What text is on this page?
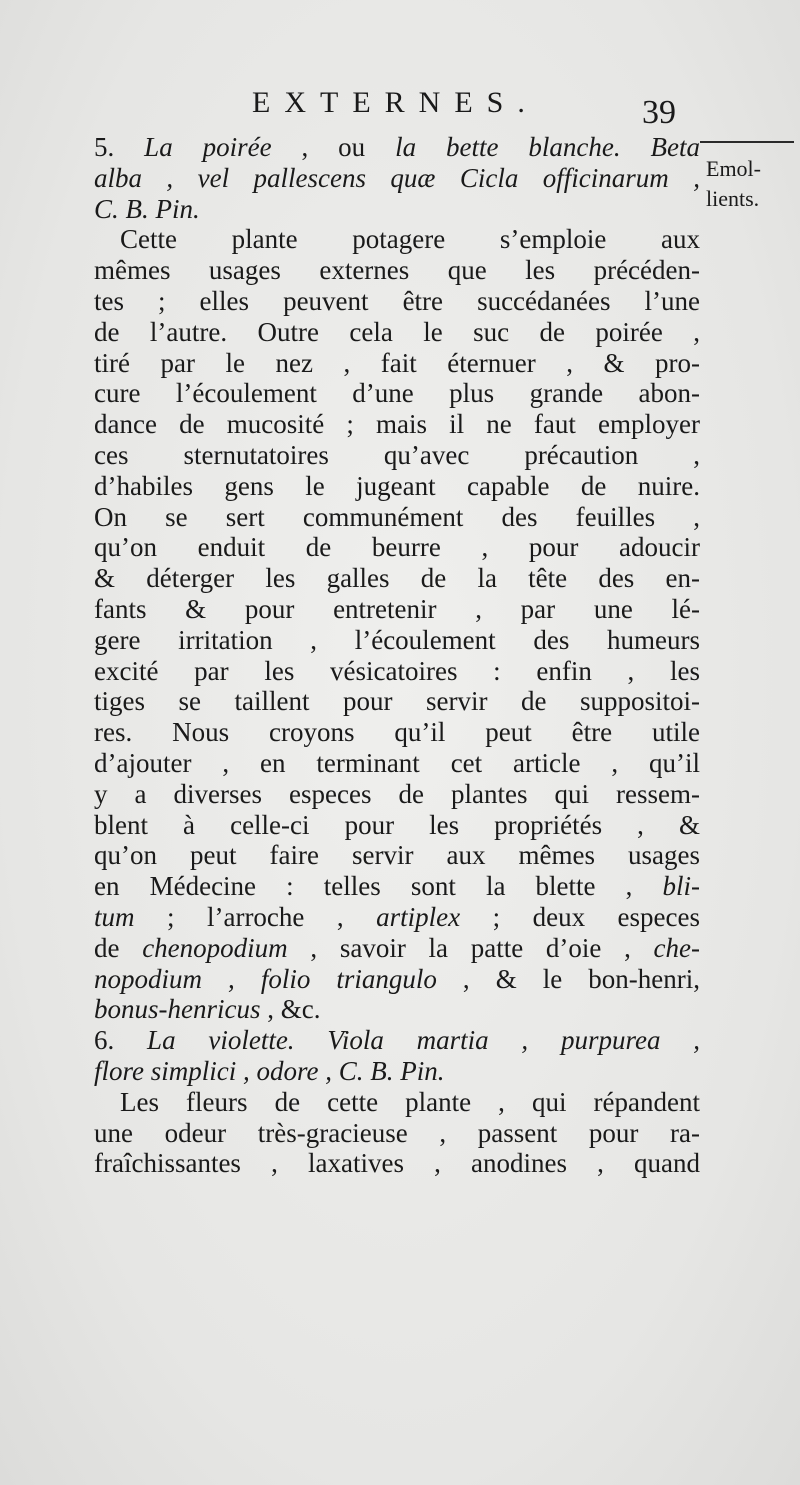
EXTERNES.	39
Emol-
lients.
5. La poirée , ou la bette blanche. Beta
alba , vel pallescens quæ Cicla officinarum ,
C. B. Pin.
Cette plante potagere s’emploie aux
mêmes usages externes que les précéden-
tes ; elles peuvent être succédanées l’une
de l’autre. Outre cela le suc de poirée ,
tiré par le nez , fait éternuer , & pro-
cure l’écoulement d’une plus grande abon-
dance de mucosité ; mais il ne faut employer
ces sternutatoires qu’avec précaution ,
d’habiles gens le jugeant capable de nuire.
On se sert communément des feuilles ,
qu’on enduit de beurre , pour adoucir
& déterger les galles de la tête des en-
fants & pour entretenir , par une lé-
gere irritation , l’écoulement des humeurs
excité par les vésicatoires : enfin , les
tiges se taillent pour servir de suppositoi-
res. Nous croyons qu’il peut être utile
d’ajouter , en terminant cet article , qu’il
y a diverses especes de plantes qui ressem-
blent à celle-ci pour les propriétés , &
qu’on peut faire servir aux mêmes usages
en Médecine : telles sont la blette , bli-
tum ; l’arroche , artiplex ; deux especes
de chenopodium , savoir la patte d’oie , che-
nopodium , folio triangulo , & le bon-henri,
bonus-henricus , &c.
6. La violette. Viola martia , purpurea ,
flore simplici , odore , C. B. Pin.
Les fleurs de cette plante , qui répandent
une odeur très-gracieuse , passent pour ra-
fraîchissantes , laxatives , anodines , quand
